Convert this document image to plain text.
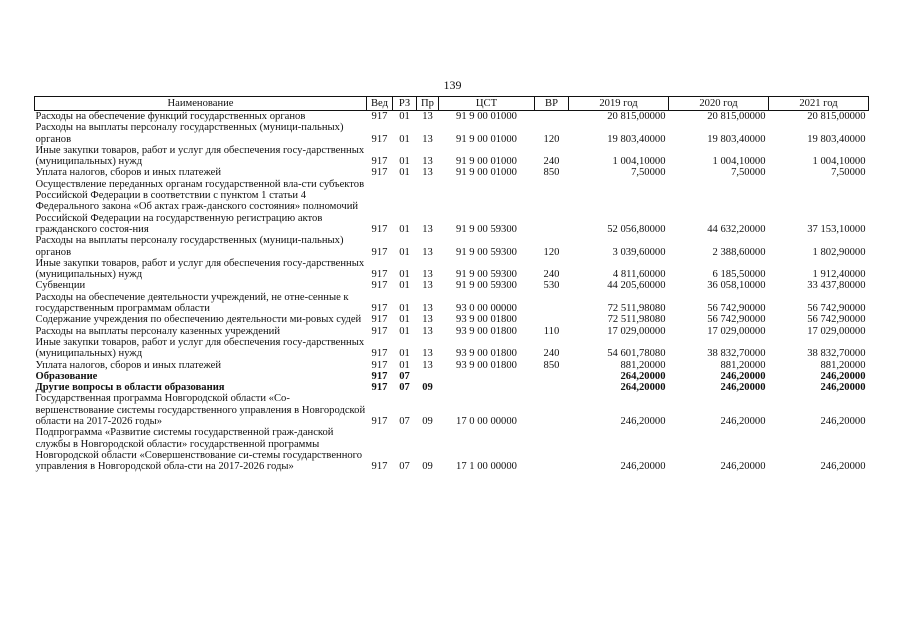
139
Наименование	Вед	РЗ	Пр	ЦСТ	ВР	2019 год	2020 год	2021 год
Расходы на обеспечение функций государственных органов	917	01	13	91 9 00 01000		20 815,00000	20 815,00000	20 815,00000
Расходы на выплаты персоналу государственных (муници-пальных) органов	917	01	13	91 9 00 01000	120	19 803,40000	19 803,40000	19 803,40000
Иные закупки товаров, работ и услуг для обеспечения госу-дарственных (муниципальных) нужд	917	01	13	91 9 00 01000	240	1 004,10000	1 004,10000	1 004,10000
Уплата налогов, сборов и иных платежей	917	01	13	91 9 00 01000	850	7,50000	7,50000	7,50000
Осуществление переданных органам государственной вла-сти субъектов Российской Федерации в соответствии с пунктом 1 статьи 4 Федерального закона «Об актах граж-данского состояния» полномочий Российской Федерации на государственную регистрацию актов гражданского состоя-ния	917	01	13	91 9 00 59300		52 056,80000	44 632,20000	37 153,10000
Расходы на выплаты персоналу государственных (муници-пальных) органов	917	01	13	91 9 00 59300	120	3 039,60000	2 388,60000	1 802,90000
Иные закупки товаров, работ и услуг для обеспечения госу-дарственных (муниципальных) нужд	917	01	13	91 9 00 59300	240	4 811,60000	6 185,50000	1 912,40000
Субвенции	917	01	13	91 9 00 59300	530	44 205,60000	36 058,10000	33 437,80000
Расходы на обеспечение деятельности учреждений, не отне-сенные к государственным программам области	917	01	13	93 0 00 00000		72 511,98080	56 742,90000	56 742,90000
Содержание учреждения по обеспечению деятельности ми-ровых судей	917	01	13	93 9 00 01800		72 511,98080	56 742,90000	56 742,90000
Расходы на выплаты персоналу казенных учреждений	917	01	13	93 9 00 01800	110	17 029,00000	17 029,00000	17 029,00000
Иные закупки товаров, работ и услуг для обеспечения госу-дарственных (муниципальных) нужд	917	01	13	93 9 00 01800	240	54 601,78080	38 832,70000	38 832,70000
Уплата налогов, сборов и иных платежей	917	01	13	93 9 00 01800	850	881,20000	881,20000	881,20000
Образование	917	07				264,20000	246,20000	246,20000
Другие вопросы в области образования	917	07	09			264,20000	246,20000	246,20000
Государственная программа Новгородской области «Со-вершенствование системы государственного управления в Новгородской области на 2017-2026 годы»	917	07	09	17 0 00 00000		246,20000	246,20000	246,20000
Подпрограмма «Развитие системы государственной граж-данской службы в Новгородской области» государственной программы Новгородской области «Совершенствование си-стемы государственного управления в Новгородской обла-сти на 2017-2026 годы»	917	07	09	17 1 00 00000		246,20000	246,20000	246,20000
